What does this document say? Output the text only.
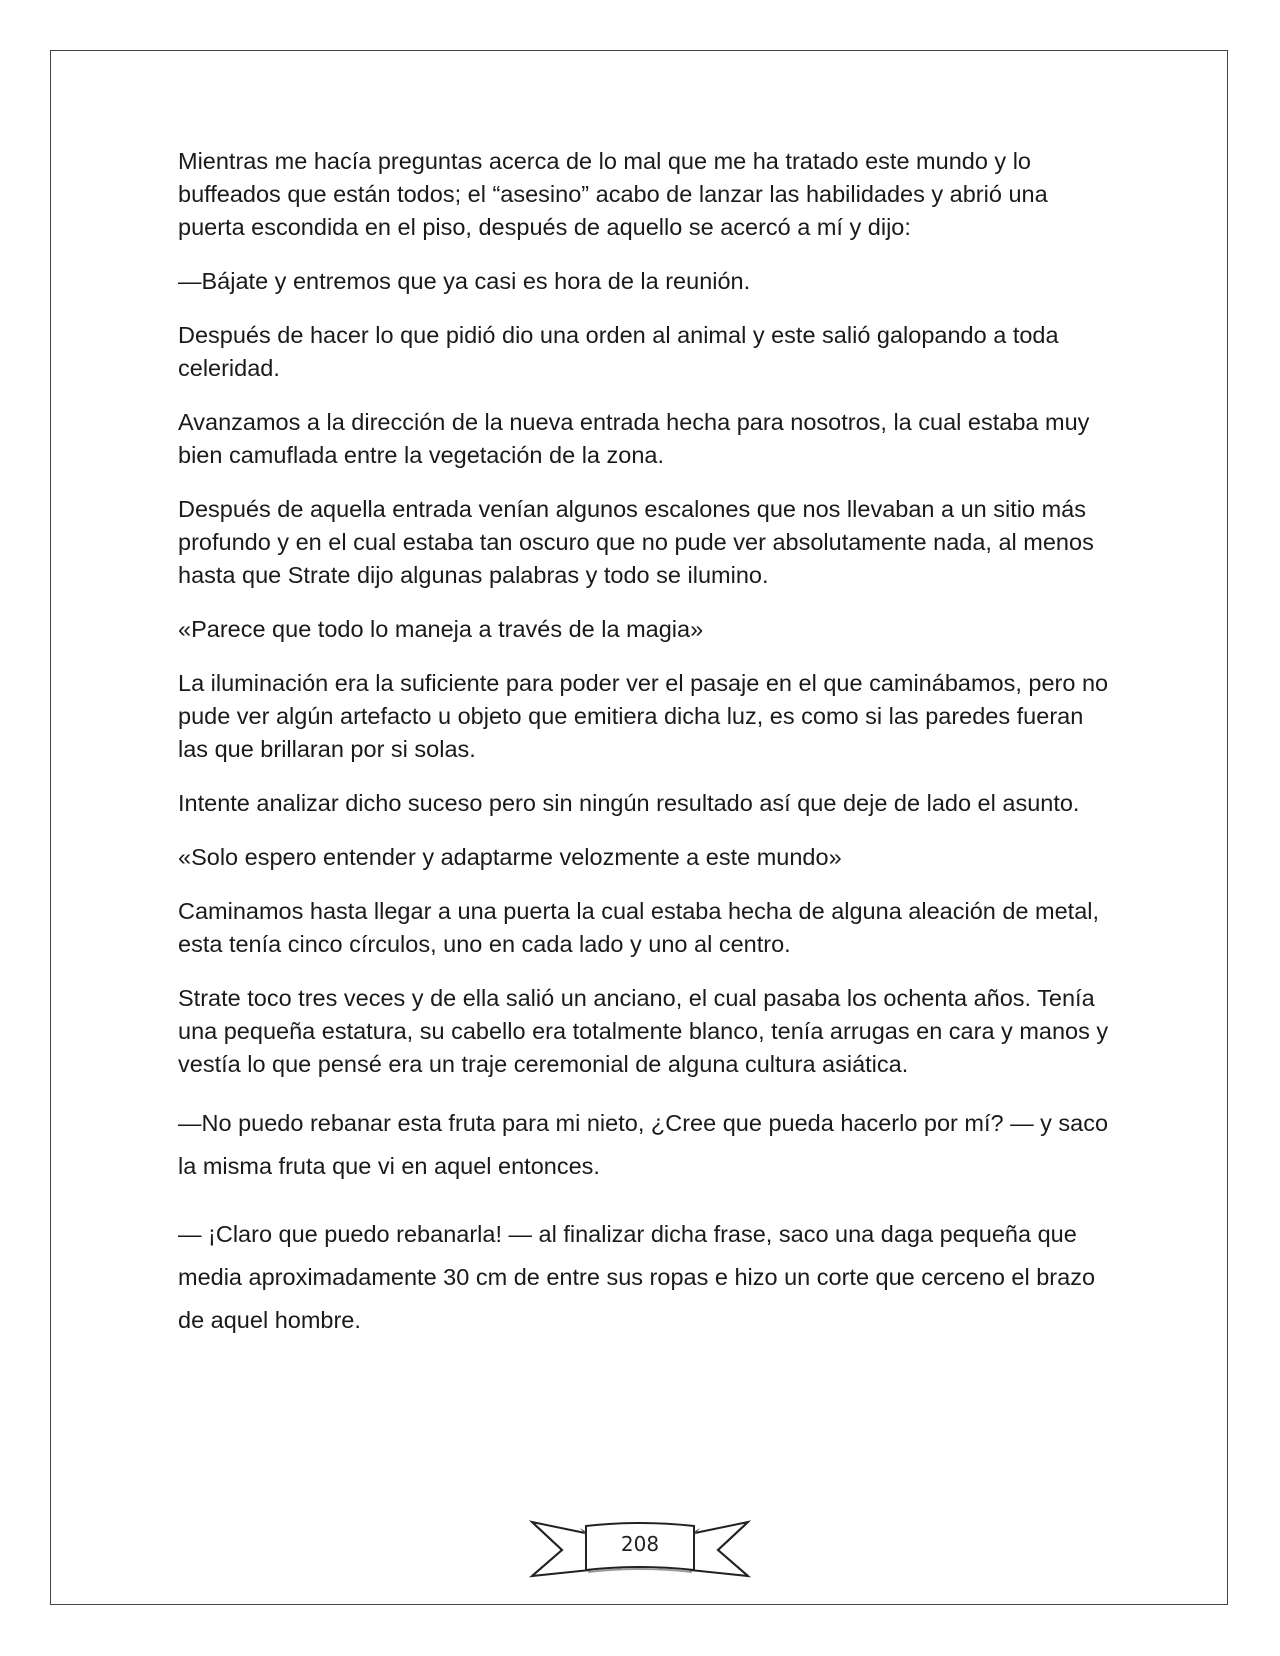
Mientras me hacía preguntas acerca de lo mal que me ha tratado este mundo y lo buffeados que están todos; el “asesino” acabo de lanzar las habilidades y abrió una puerta escondida en el piso, después de aquello se acercó a mí y dijo:

—Bájate y entremos que ya casi es hora de la reunión.

Después de hacer lo que pidió dio una orden al animal y este salió galopando a toda celeridad.

Avanzamos a la dirección de la nueva entrada hecha para nosotros, la cual estaba muy bien camuflada entre la vegetación de la zona.

Después de aquella entrada venían algunos escalones que nos llevaban a un sitio más profundo y en el cual estaba tan oscuro que no pude ver absolutamente nada, al menos hasta que Strate dijo algunas palabras y todo se ilumino.

«Parece que todo lo maneja a través de la magia»

La iluminación era la suficiente para poder ver el pasaje en el que caminábamos, pero no pude ver algún artefacto u objeto que emitiera dicha luz, es como si las paredes fueran las que brillaran por si solas.

Intente analizar dicho suceso pero sin ningún resultado así que deje de lado el asunto.

«Solo espero entender y adaptarme velozmente a este mundo»

Caminamos hasta llegar a una puerta la cual estaba hecha de alguna aleación de metal, esta tenía cinco círculos, uno en cada lado y uno al centro.

Strate toco tres veces y de ella salió un anciano, el cual pasaba los ochenta años. Tenía una pequeña estatura, su cabello era totalmente blanco, tenía arrugas en cara y manos y vestía lo que pensé era un traje ceremonial de alguna cultura asiática.

—No puedo rebanar esta fruta para mi nieto, ¿Cree que pueda hacerlo por mí? — y saco la misma fruta que vi en aquel entonces.

— ¡Claro que puedo rebanarla! — al finalizar dicha frase, saco una daga pequeña que media aproximadamente 30 cm de entre sus ropas e hizo un corte que cerceno el brazo de aquel hombre.

208
